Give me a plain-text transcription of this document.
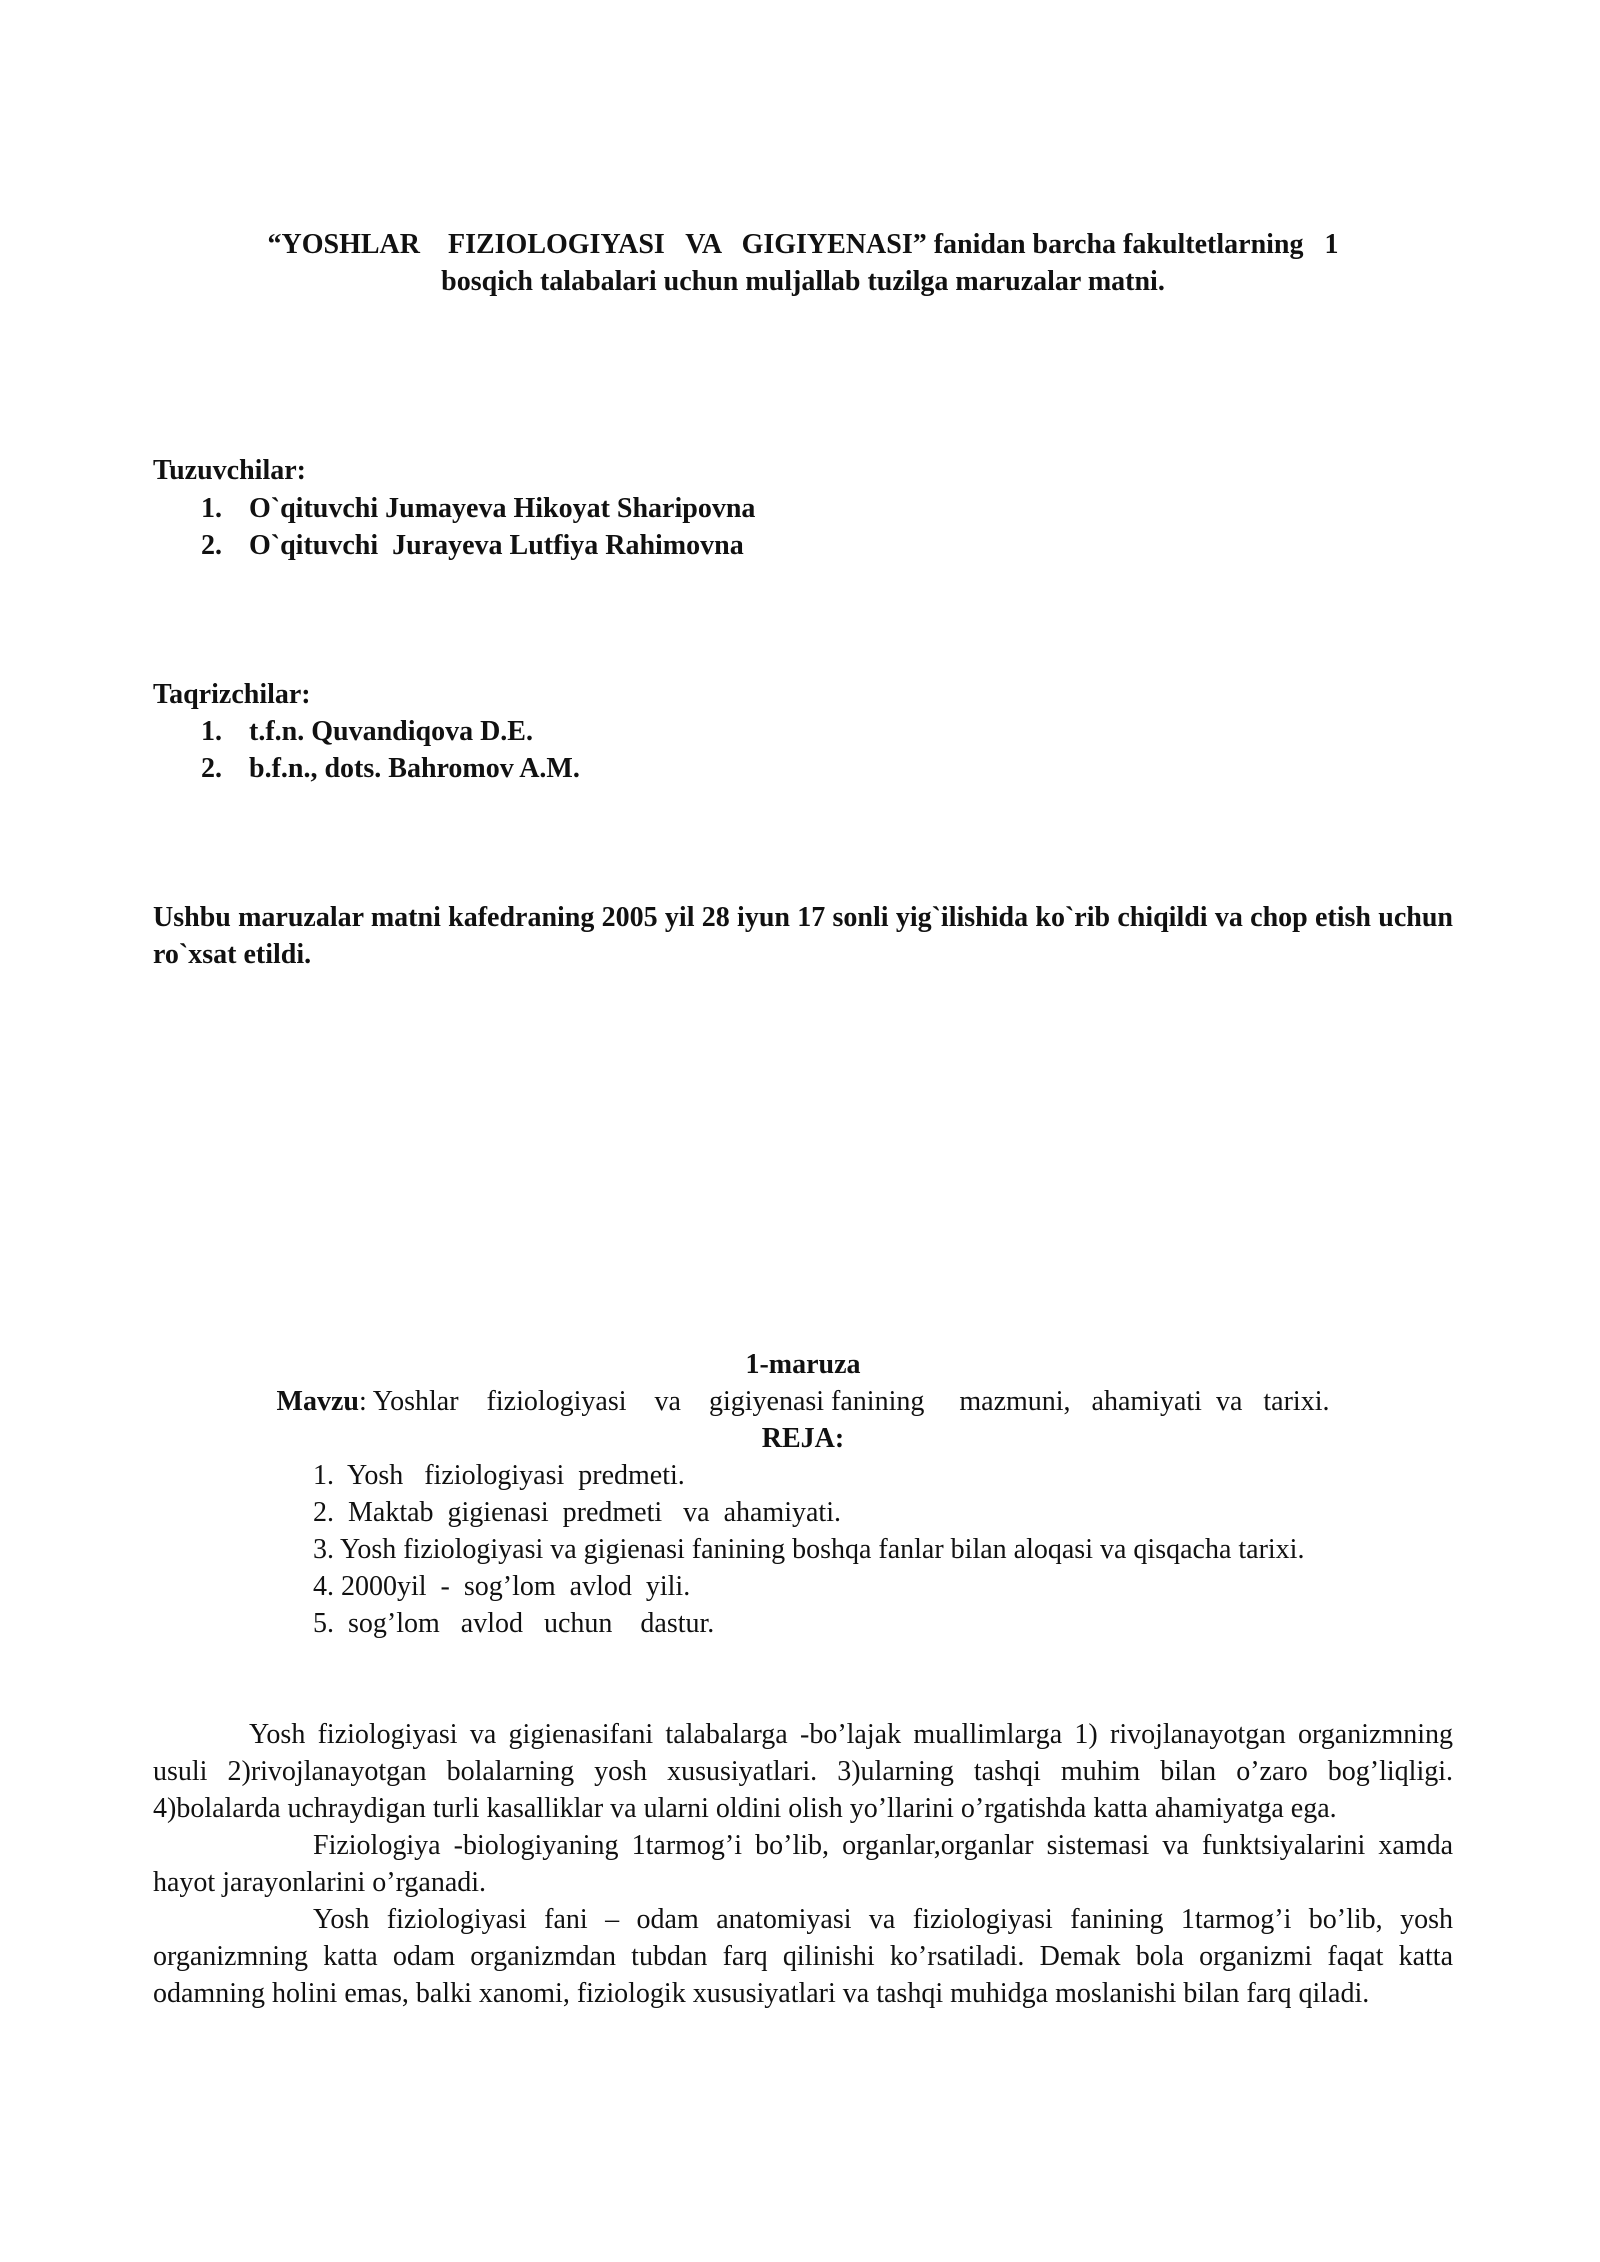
“YOSHLAR    FIZIOLOGIYASI   VA   GIGIYENASI” fanidan barcha fakultetlarning   1
bosqich talabalari uchun muljallab tuzilga maruzalar matni.
Tuzuvchilar:
1. O`qituvchi Jumayeva Hikoyat Sharipovna
2. O`qituvchi  Jurayeva Lutfiya Rahimovna
Taqrizchilar:
1. t.f.n. Quvandiqova D.E.
2. b.f.n., dots. Bahromov A.M.
Ushbu maruzalar matni kafedraning 2005 yil 28 iyun 17 sonli yig`ilishida ko`rib chiqildi va chop etish uchun ro`xsat etildi.
1-maruza
Mavzu: Yoshlar    fiziologiyasi    va    gigiyenasi fanining     mazmuni,   ahamiyati  va   tarixi.
REJA:
1.  Yosh   fiziologiyasi  predmeti.
2.  Maktab  gigienasi  predmeti   va  ahamiyati.
3. Yosh fiziologiyasi va gigienasi fanining boshqa fanlar bilan aloqasi va qisqacha tarixi.
4. 2000yil  -  sog’lom  avlod  yili.
5.  sog’lom   avlod   uchun    dastur.
Yosh fiziologiyasi va gigienasifani talabalarga -bo’lajak muallimlarga 1) rivojlanayotgan organizmning usuli 2)rivojlanayotgan bolalarning yosh xususiyatlari. 3)ularning tashqi muhim bilan o’zaro bog’liqligi. 4)bolalarda uchraydigan turli kasalliklar va ularni oldini olish yo’llarini o’rgatishda katta ahamiyatga ega.
Fiziologiya -biologiyaning 1tarmog’i bo’lib, organlar,organlar sistemasi va funktsiyalarini xamda hayot jarayonlarini o’rganadi.
Yosh fiziologiyasi fani – odam anatomiyasi va fiziologiyasi fanining 1tarmog’i bo’lib, yosh organizmning katta odam organizmdan tubdan farq qilinishi ko’rsatiladi. Demak bola organizmi faqat katta odamning holini emas, balki xanomi, fiziologik xususiyatlari va tashqi muhidga moslanishi bilan farq qiladi.
